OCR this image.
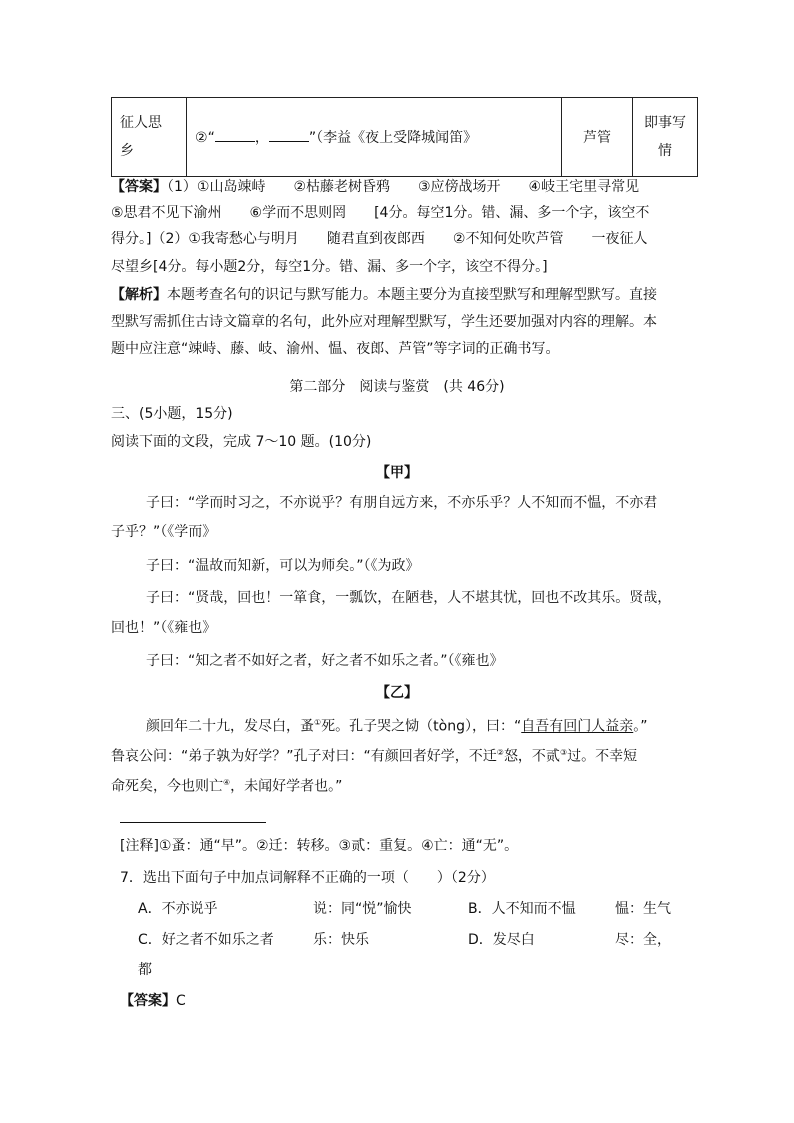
征人思
乡
	②“	，	”（李益《夜上受降城闻笛》	芦管	
即事写
情
【答案】（1）①山岛竦峙　　②枯藤老树昏鸦　　③应傍战场开　　④岐王宅里寻常见
⑤思君不见下渝州　　⑥学而不思则罔　　[4分。每空1分。错、漏、多一个字，该空不
得分。]（2）①我寄愁心与明月　　随君直到夜郎西　　②不知何处吹芦管　　一夜征人
尽望乡[4分。每小题2分，每空1分。错、漏、多一个字，该空不得分。]
【解析】本题考查名句的识记与默写能力。本题主要分为直接型默写和理解型默写。直接
型默写需抓住古诗文篇章的名句，此外应对理解型默写，学生还要加强对内容的理解。本
题中应注意“竦峙、藤、岐、渝州、愠、夜郎、芦管”等字词的正确书写。
第二部分　阅读与鉴赏　(共 46分)
三、(5小题，15分)
阅读下面的文段，完成 7～10 题。(10分)
【甲】
子曰：“学而时习之，不亦说乎？有朋自远方来，不亦乐乎？人不知而不愠，不亦君
子乎？”（《学而》
子曰：“温故而知新，可以为师矣。”（《为政》
子曰：“贤哉，回也！一箪食，一瓢饮，在陋巷，人不堪其忧，回也不改其乐。贤哉，
回也！”（《雍也》
子曰：“知之者不如好之者，好之者不如乐之者。”（《雍也》
【乙】
颜回年二十九，发尽白，蚤①死。孔子哭之恸（tòng），曰：“自吾有回门人益亲。”
鲁哀公问：“弟子孰为好学？”孔子对曰：“有颜回者好学，不迁②怒，不贰③过。不幸短
命死矣，今也则亡④，未闻好学者也。”
[注释]①蚤：通“早”。②迁：转移。③贰：重复。④亡：通“无”。
7．选出下面句子中加点词解释不正确的一项（　　）（2分）
A．不亦说乎	说：同“悦”愉快	B．人不知而不愠	愠：生气
C．好之者不如乐之者	乐：快乐	D．发尽白	尽：全，
都
【答案】C
